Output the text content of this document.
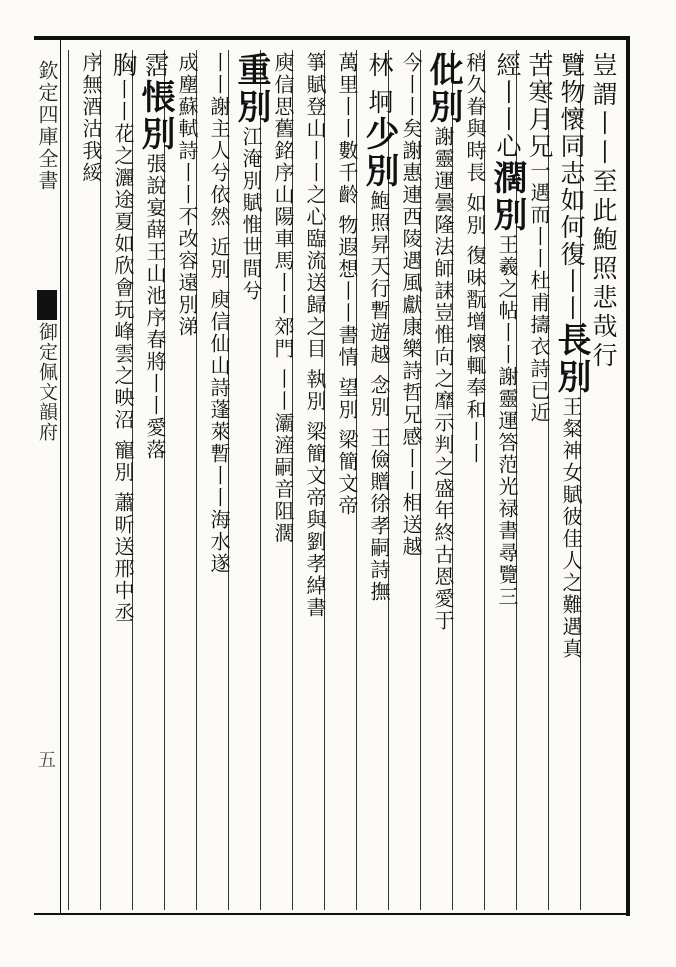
欽定四庫全書
御定佩文韻府
五
豈謂丨丨至此鮑照悲哉行
覽物懷同志如何復丨丨長別王粲神女賦彼佳人之難遇真
苦寒月兄一遇而丨丨杜甫擣衣詩已近
經丨丨心濶別王羲之帖丨丨謝靈運答范光禄書尋覽三
稍久眷與時長 如別 復味翫增懷輒奉和丨丨
仳別謝靈運曇隆法師誄豈惟向之靡示判之盛年終古恩愛于
今丨丨矣謝惠連西陵遇風獻康樂詩哲兄感丨丨相送越
林 坰少別鮑照昇天行暫遊越 念別 王儉贈徐孝嗣詩撫
萬里丨丨數千齡 物遐想丨丨書情 望別 梁簡文帝
箏賦登山丨丨之心臨流送歸之目 執別 梁簡文帝與劉孝綽書
庾信思舊銘序山陽車馬丨丨郊門 丨丨灞滻嗣音阻濶
重別江淹別賦惟世間兮
丨丨謝主人兮依然 近別 庾信仙山詩蓬萊暫丨丨海水遂
成塵蘇軾詩丨丨不改容遠別涕
霑悵別張說宴薛王山池序春將丨丨愛落
胸丨丨花之灑途夏如欣會玩峰雲之映沼 寵別 蕭昕送邢中丞
序無酒沽我綏
